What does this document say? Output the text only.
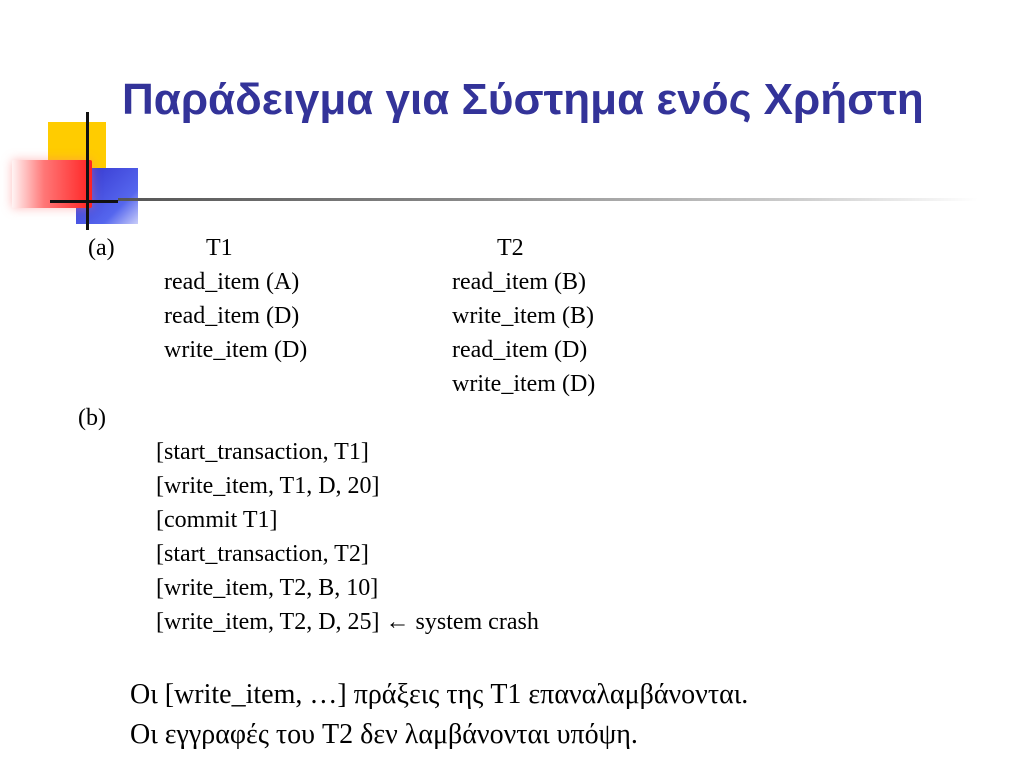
Παράδειγμα για Σύστημα ενός Χρήστη
(a)	T1	T2
read_item (A)
read_item (D)
write_item (D)
read_item (B)
write_item (B)
read_item (D)
write_item (D)
(b)
[start_transaction, T1]
[write_item, T1, D, 20]
[commit T1]
[start_transaction, T2]
[write_item, T2, B, 10]
[write_item, T2, D, 25] ← system crash
Οι [write_item, …] πράξεις της T1 επαναλαμβάνονται.
Οι εγγραφές του T2 δεν λαμβάνονται υπόψη.
